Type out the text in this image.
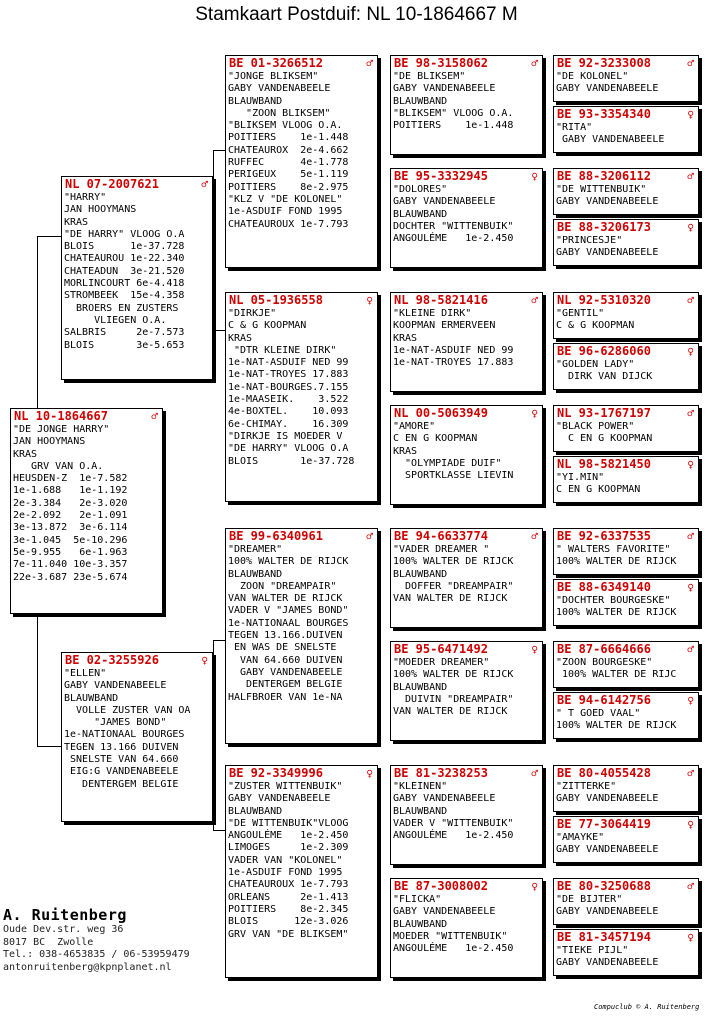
Stamkaart Postduif: NL 10-1864667 M
NL 10-1864667	♂
"DE JONGE HARRY"
JAN HOOYMANS
KRAS
GRV VAN O.A.
HEUSDEN-Z  1e-7.582
1e-1.688   1e-1.192
2e-3.384   2e-3.020
2e-2.092   2e-1.091
3e-13.872  3e-6.114
3e-1.045  5e-10.296
5e-9.955   6e-1.963
7e-11.040 10e-3.357
22e-3.687 23e-5.674
NL 07-2007621	♂
"HARRY"
JAN HOOYMANS
KRAS
"DE HARRY" VLOOG O.A
BLOIS      1e-37.728
CHATEAUROU 1e-22.340
CHATEADUN  3e-21.520
MORLINCOURT 6e-4.418
STROMBEEK  15e-4.358
BROERS EN ZUSTERS
VLIEGEN O.A.
SALBRIS     2e-7.573
BLOIS       3e-5.653
BE 02-3255926	♀
"ELLEN"
GABY VANDENABEELE
BLAUWBAND
VOLLE ZUSTER VAN OA
"JAMES BOND"
1e-NATIONAAL BOURGES
TEGEN 13.166 DUIVEN
SNELSTE VAN 64.660
EIG:G VANDENABEELE
DENTERGEM BELGIE
BE 01-3266512	♂
"JONGE BLIKSEM"
GABY VANDENABEELE
BLAUWBAND
"ZOON BLIKSEM"
"BLIKSEM VLOOG O.A.
POITIERS    1e-1.448
CHATEAUROX  2e-4.662
RUFFEC      4e-1.778
PERIGEUX    5e-1.119
POITIERS    8e-2.975
"KLZ V "DE KOLONEL"
1e-ASDUIF FOND 1995
CHATEAUROUX 1e-7.793
NL 05-1936558	♀
"DIRKJE"
C & G KOOPMAN
KRAS
"DTR KLEINE DIRK"
1e-NAT-ASDUIF NED 99
1e-NAT-TROYES 17.883
1e-NAT-BOURGES.7.155
1e-MAASEIK.    3.522
4e-BOXTEL.    10.093
6e-CHIMAY.    16.309
"DIRKJE IS MOEDER V
"DE HARRY" VLOOG O.A
BLOIS       1e-37.728
BE 99-6340961	♂
"DREAMER"
100% WALTER DE RIJCK
BLAUWBAND
ZOON "DREAMPAIR"
VAN WALTER DE RIJCK
VADER V "JAMES BOND"
1e-NATIONAAL BOURGES
TEGEN 13.166.DUIVEN
EN WAS DE SNELSTE
VAN 64.660 DUIVEN
GABY VANDENABEELE
DENTERGEM BELGIE
HALFBROER VAN 1e-NA
BE 92-3349996	♀
"ZUSTER WITTENBUIK"
GABY VANDENABEELE
BLAUWBAND
"DE WITTENBUIK"VLOOG
ANGOULÉME   1e-2.450
LIMOGES     1e-2.309
VADER VAN "KOLONEL"
1e-ASDUIF FOND 1995
CHATEAUROUX 1e-7.793
ORLEANS     2e-1.413
POITIERS    8e-2.345
BLOIS      12e-3.026
GRV VAN "DE BLIKSEM"
BE 98-3158062	♂
"DE BLIKSEM"
GABY VANDENABEELE
BLAUWBAND
"BLIKSEM" VLOOG O.A.
POITIERS    1e-1.448
BE 95-3332945	♀
"DOLORES"
GABY VANDENABEELE
BLAUWBAND
DOCHTER "WITTENBUIK"
ANGOULÉME   1e-2.450
NL 98-5821416	♂
"KLEINE DIRK"
KOOPMAN ERMERVEEN
KRAS
1e-NAT-ASDUIF NED 99
1e-NAT-TROYES 17.883
NL 00-5063949	♀
"AMORE"
C EN G KOOPMAN
KRAS
"OLYMPIADE DUIF"
SPORTKLASSE LIEVIN
BE 94-6633774	♂
"VADER DREAMER "
100% WALTER DE RIJCK
BLAUWBAND
DOFFER "DREAMPAIR"
VAN WALTER DE RIJCK
BE 95-6471492	♀
"MOEDER DREAMER"
100% WALTER DE RIJCK
BLAUWBAND
DUIVIN "DREAMPAIR"
VAN WALTER DE RIJCK
BE 81-3238253	♂
"KLEINEN"
GABY VANDENABEELE
BLAUWBAND
VADER V "WITTENBUIK"
ANGOULÉME   1e-2.450
BE 87-3008002	♀
"FLICKA"
GABY VANDENABEELE
BLAUWBAND
MOEDER "WITTENBUIK"
ANGOULÉME   1e-2.450
BE 92-3233008	♂
"DE KOLONEL"
GABY VANDENABEELE
BE 93-3354340	♀
"RITA"
GABY VANDENABEELE
BE 88-3206112	♂
"DE WITTENBUIK"
GABY VANDENABEELE
BE 88-3206173	♀
"PRINCESJE"
GABY VANDENABEELE
NL 92-5310320	♂
"GENTIL"
C & G KOOPMAN
BE 96-6286060	♀
"GOLDEN LADY"
DIRK VAN DIJCK
NL 93-1767197	♂
"BLACK POWER"
C EN G KOOPMAN
NL 98-5821450	♀
"YI.MIN"
C EN G KOOPMAN
BE 92-6337535	♂
" WALTERS FAVORITE"
100% WALTER DE RIJCK
BE 88-6349140	♀
"DOCHTER BOURGESKE"
100% WALTER DE RIJCK
BE 87-6664666	♂
"ZOON BOURGESKE"
100% WALTER DE RIJC
BE 94-6142756	♀
" T GOED VAAL"
100% WALTER DE RIJCK
BE 80-4055428	♂
"ZITTERKE"
GABY VANDENABEELE
BE 77-3064419	♀
"AMAYKE"
GABY VANDENABEELE
BE 80-3250688	♂
"DE BIJTER"
GABY VANDENABEELE
BE 81-3457194	♀
"TIEKE PIJL"
GABY VANDENABEELE
A. Ruitenberg
Oude Dev.str. weg 36
8017 BC  Zwolle
Tel.: 038-4653835 / 06-53959479
antonruitenberg@kpnplanet.nl
Compuclub © A. Ruitenberg
